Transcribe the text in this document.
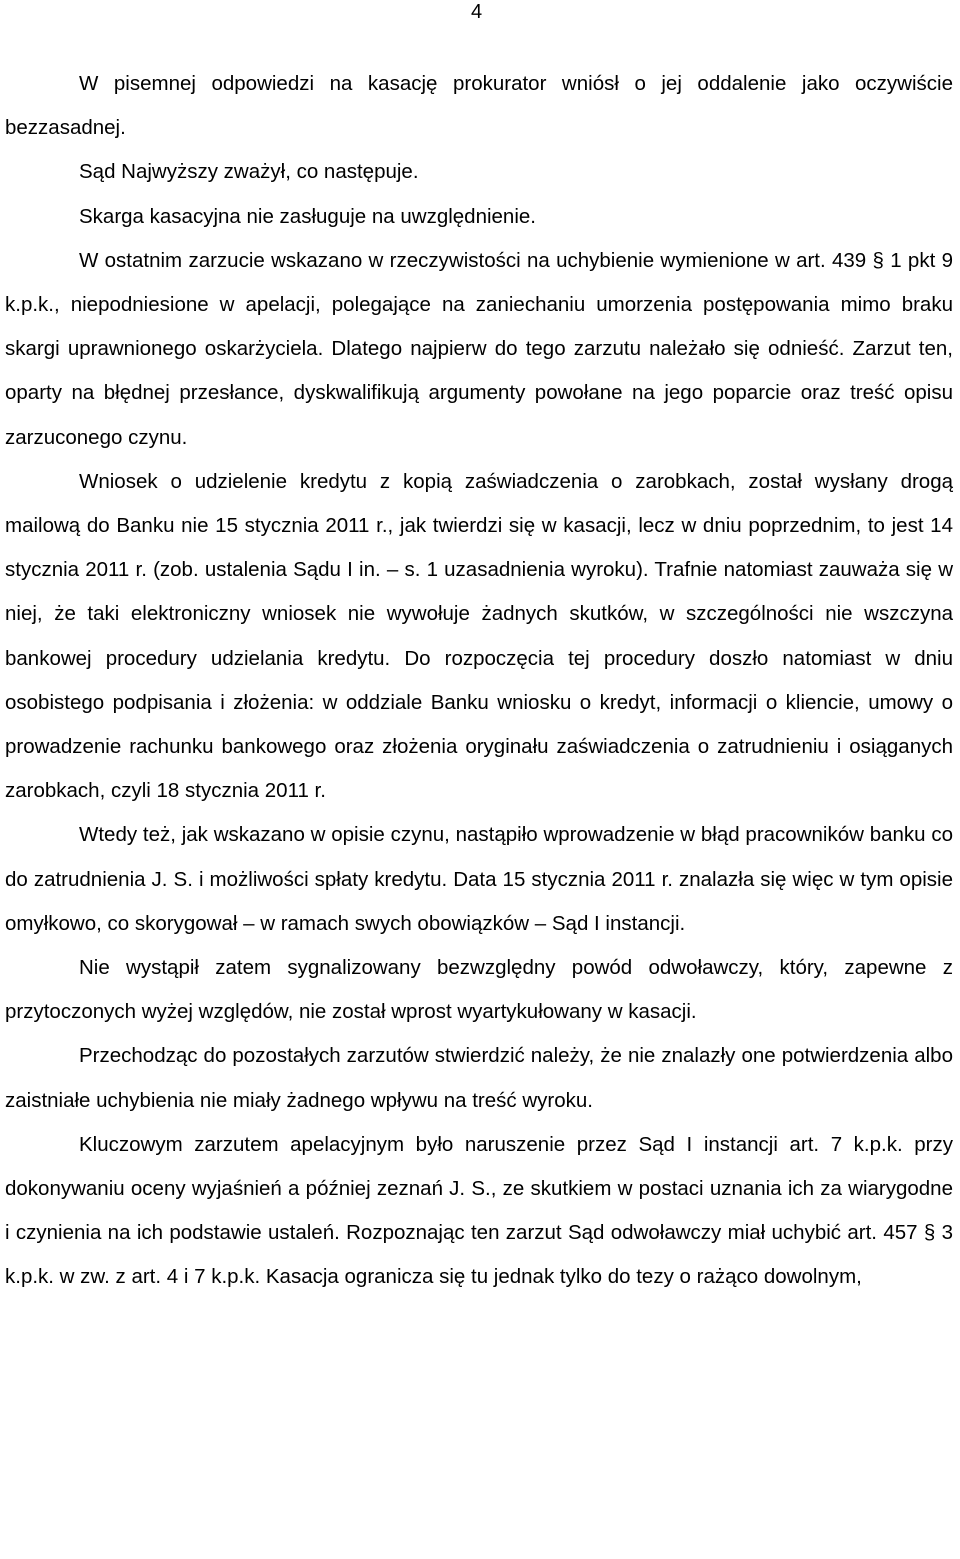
4

W pisemnej odpowiedzi na kasację prokurator wniósł o jej oddalenie jako oczywiście bezzasadnej.

Sąd Najwyższy zważył, co następuje.

Skarga kasacyjna nie zasługuje na uwzględnienie.

W ostatnim zarzucie wskazano w rzeczywistości na uchybienie wymienione w art. 439 § 1 pkt 9 k.p.k., niepodniesione w apelacji, polegające na zaniechaniu umorzenia postępowania mimo braku skargi uprawnionego oskarżyciela. Dlatego najpierw do tego zarzutu należało się odnieść. Zarzut ten, oparty na błędnej przesłance, dyskwalifikują argumenty powołane na jego poparcie oraz treść opisu zarzuconego czynu.

Wniosek o udzielenie kredytu z kopią zaświadczenia o zarobkach, został wysłany drogą mailową do Banku nie 15 stycznia 2011 r., jak twierdzi się w kasacji, lecz w dniu poprzednim, to jest 14 stycznia 2011 r. (zob. ustalenia Sądu I in. – s. 1 uzasadnienia wyroku). Trafnie natomiast zauważa się w niej, że taki elektroniczny wniosek nie wywołuje żadnych skutków, w szczególności nie wszczyna bankowej procedury udzielania kredytu. Do rozpoczęcia tej procedury doszło natomiast w dniu osobistego podpisania i złożenia: w oddziale Banku wniosku o kredyt, informacji o kliencie, umowy o prowadzenie rachunku bankowego oraz złożenia oryginału zaświadczenia o zatrudnieniu i osiąganych zarobkach, czyli 18 stycznia 2011 r.

Wtedy też, jak wskazano w opisie czynu, nastąpiło wprowadzenie w błąd pracowników banku co do zatrudnienia J. S. i możliwości spłaty kredytu. Data 15 stycznia 2011 r. znalazła się więc w tym opisie omyłkowo, co skorygował – w ramach swych obowiązków – Sąd I instancji.

Nie wystąpił zatem sygnalizowany bezwzględny powód odwoławczy, który, zapewne z przytoczonych wyżej względów, nie został wprost wyartykułowany w kasacji.

Przechodząc do pozostałych zarzutów stwierdzić należy, że nie znalazły one potwierdzenia albo zaistniałe uchybienia nie miały żadnego wpływu na treść wyroku.

Kluczowym zarzutem apelacyjnym było naruszenie przez Sąd I instancji art. 7 k.p.k. przy dokonywaniu oceny wyjaśnień a później zeznań J. S., ze skutkiem w postaci uznania ich za wiarygodne i czynienia na ich podstawie ustaleń. Rozpoznając ten zarzut Sąd odwoławczy miał uchybić art. 457 § 3 k.p.k. w zw. z art. 4 i 7 k.p.k. Kasacja ogranicza się tu jednak tylko do tezy o rażąco dowolnym,
